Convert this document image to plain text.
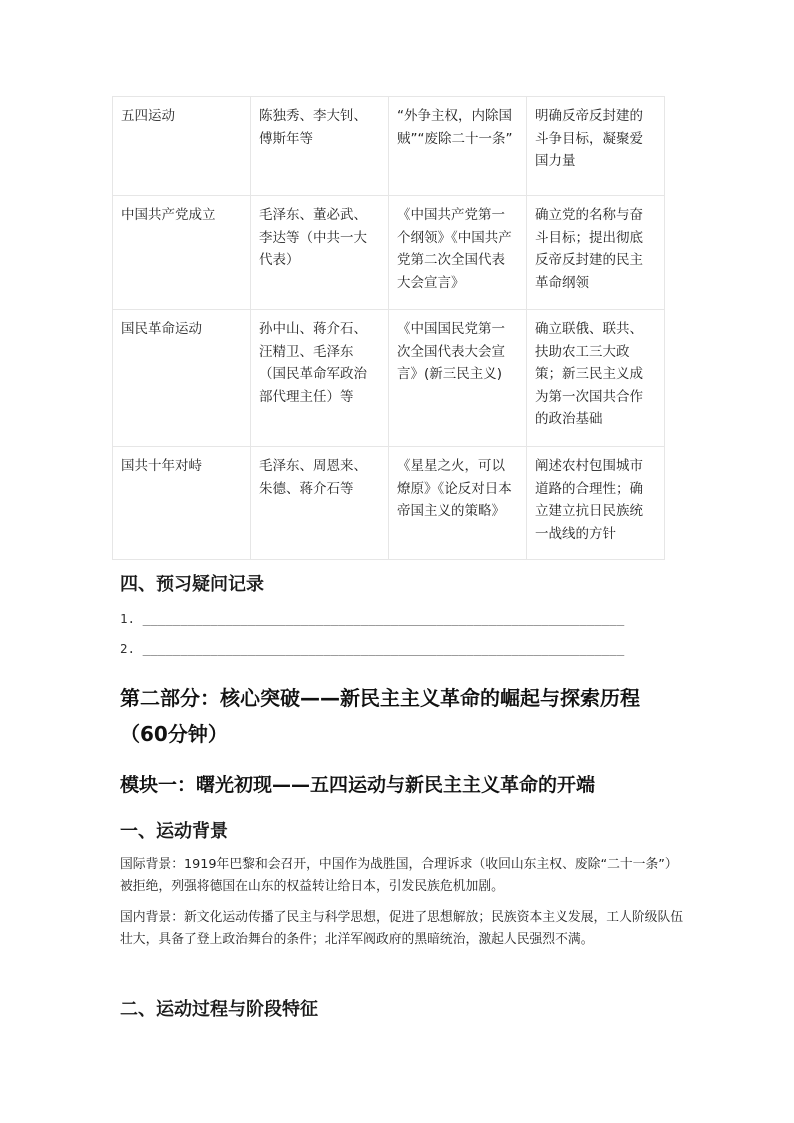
五四运动	陈独秀、李大钊、傅斯年等	“外争主权，内除国贼”“废除二十一条”	明确反帝反封建的斗争目标，凝聚爱国力量
中国共产党成立	毛泽东、董必武、李达等（中共一大代表）	《中国共产党第一个纲领》《中国共产党第二次全国代表大会宣言》	确立党的名称与奋斗目标；提出彻底反帝反封建的民主革命纲领
国民革命运动	孙中山、蒋介石、汪精卫、毛泽东（国民革命军政治部代理主任）等	《中国国民党第一次全国代表大会宣言》(新三民主义)	确立联俄、联共、扶助农工三大政策；新三民主义成为第一次国共合作的政治基础
国共十年对峙	毛泽东、周恩来、朱德、蒋介石等	《星星之火，可以燎原》《论反对日本帝国主义的策略》	阐述农村包围城市道路的合理性；确立建立抗日民族统一战线的方针
四、预习疑问记录

1. ________________________________________________________________

2. ________________________________________________________________

第二部分：核心突破——新民主主义革命的崛起与探索历程（60分钟）
模块一：曙光初现——五四运动与新民主主义革命的开端
一、运动背景

国际背景：1919年巴黎和会召开，中国作为战胜国，合理诉求（收回山东主权、废除“二十一条”）被拒绝，列强将德国在山东的权益转让给日本，引发民族危机加剧。

国内背景：新文化运动传播了民主与科学思想，促进了思想解放；民族资本主义发展，工人阶级队伍壮大，具备了登上政治舞台的条件；北洋军阀政府的黑暗统治，激起人民强烈不满。

二、运动过程与阶段特征
